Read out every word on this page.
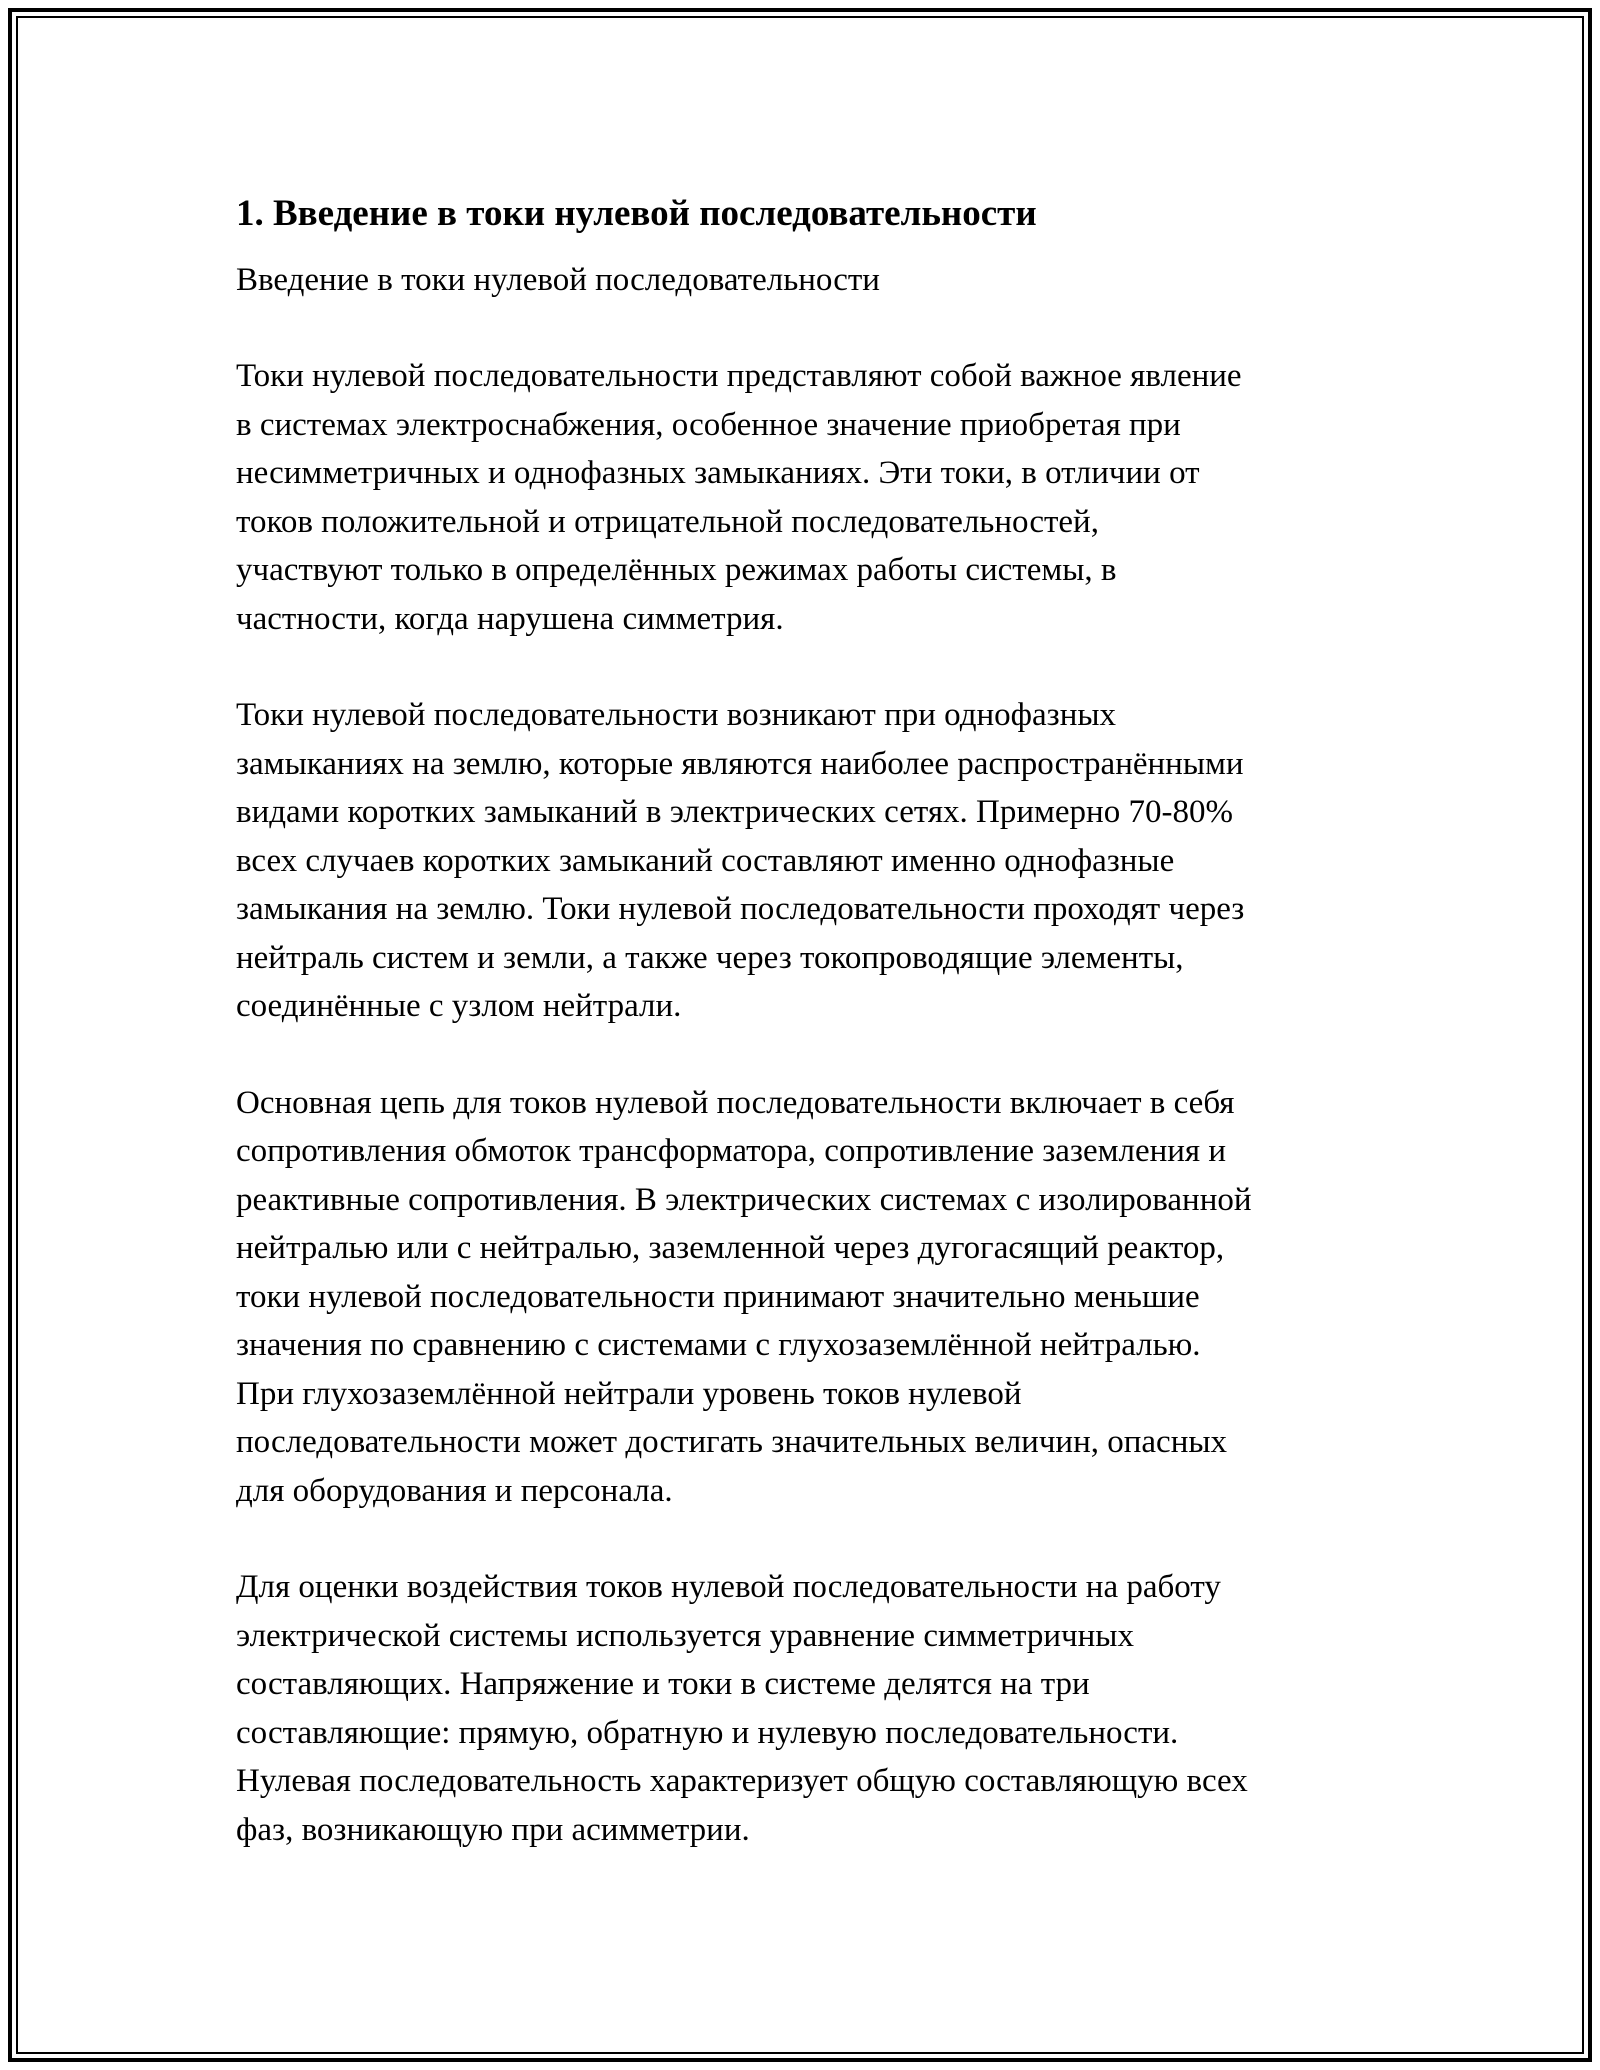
1. Введение в токи нулевой последовательности
Введение в токи нулевой последовательности
Токи нулевой последовательности представляют собой важное явление
в системах электроснабжения, особенное значение приобретая при
несимметричных и однофазных замыканиях. Эти токи, в отличии от
токов положительной и отрицательной последовательностей,
участвуют только в определённых режимах работы системы, в
частности, когда нарушена симметрия.
Токи нулевой последовательности возникают при однофазных
замыканиях на землю, которые являются наиболее распространёнными
видами коротких замыканий в электрических сетях. Примерно 70-80%
всех случаев коротких замыканий составляют именно однофазные
замыкания на землю. Токи нулевой последовательности проходят через
нейтраль систем и земли, а также через токопроводящие элементы,
соединённые с узлом нейтрали.
Основная цепь для токов нулевой последовательности включает в себя
сопротивления обмоток трансформатора, сопротивление заземления и
реактивные сопротивления. В электрических системах с изолированной
нейтралью или с нейтралью, заземленной через дугогасящий реактор,
токи нулевой последовательности принимают значительно меньшие
значения по сравнению с системами с глухозаземлённой нейтралью.
При глухозаземлённой нейтрали уровень токов нулевой
последовательности может достигать значительных величин, опасных
для оборудования и персонала.
Для оценки воздействия токов нулевой последовательности на работу
электрической системы используется уравнение симметричных
составляющих. Напряжение и токи в системе делятся на три
составляющие: прямую, обратную и нулевую последовательности.
Нулевая последовательность характеризует общую составляющую всех
фаз, возникающую при асимметрии.
